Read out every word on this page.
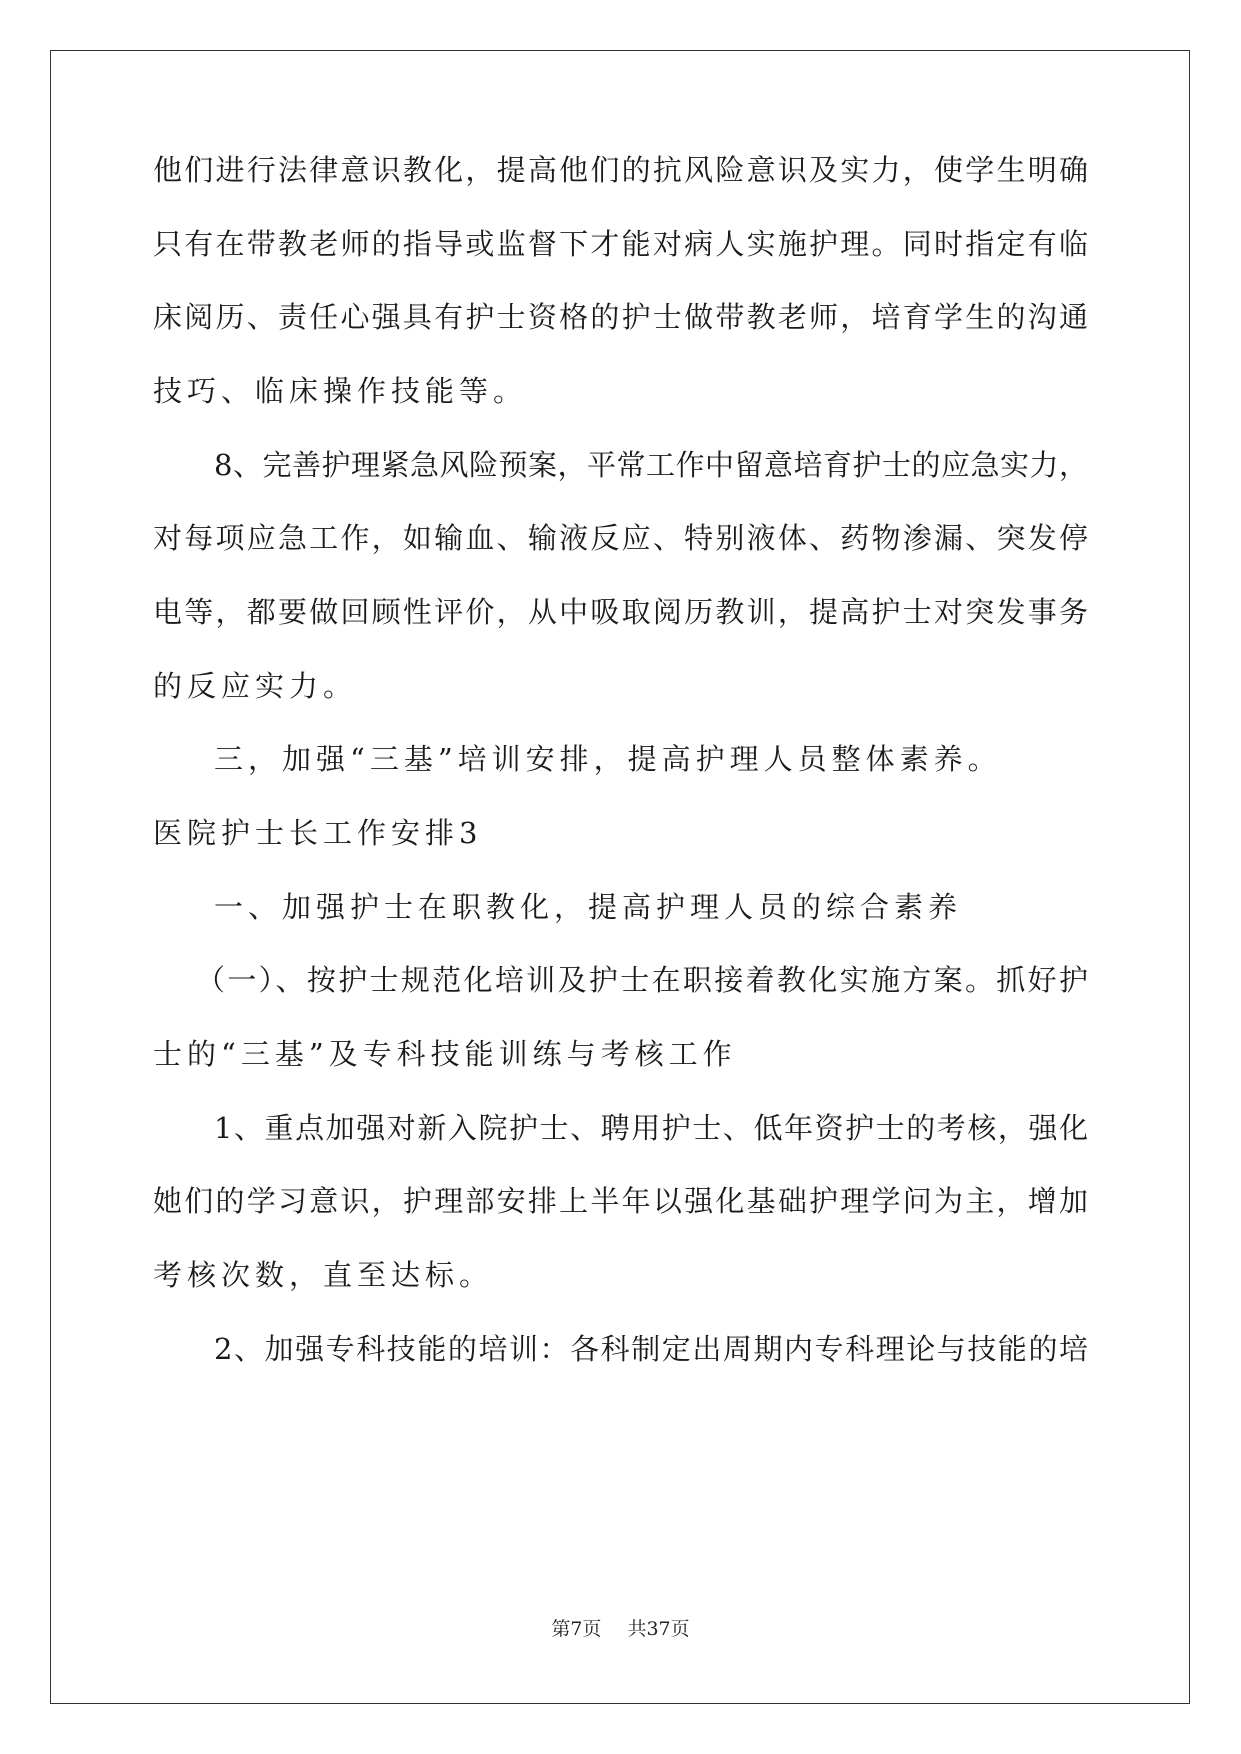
他们进行法律意识教化，提高他们的抗风险意识及实力，使学生明确
只有在带教老师的指导或监督下才能对病人实施护理。同时指定有临
床阅历、责任心强具有护士资格的护士做带教老师，培育学生的沟通
技巧、临床操作技能等。
8、完善护理紧急风险预案，平常工作中留意培育护士的应急实力，
对每项应急工作，如输血、输液反应、特别液体、药物渗漏、突发停
电等，都要做回顾性评价，从中吸取阅历教训，提高护士对突发事务
的反应实力。
三，加强“三基”培训安排，提高护理人员整体素养。
医院护士长工作安排3
一、加强护士在职教化，提高护理人员的综合素养
（一）、按护士规范化培训及护士在职接着教化实施方案。抓好护
士的“三基”及专科技能训练与考核工作
1、重点加强对新入院护士、聘用护士、低年资护士的考核，强化
她们的学习意识，护理部安排上半年以强化基础护理学问为主，增加
考核次数，直至达标。
2、加强专科技能的培训：各科制定出周期内专科理论与技能的培
第7页 共37页
